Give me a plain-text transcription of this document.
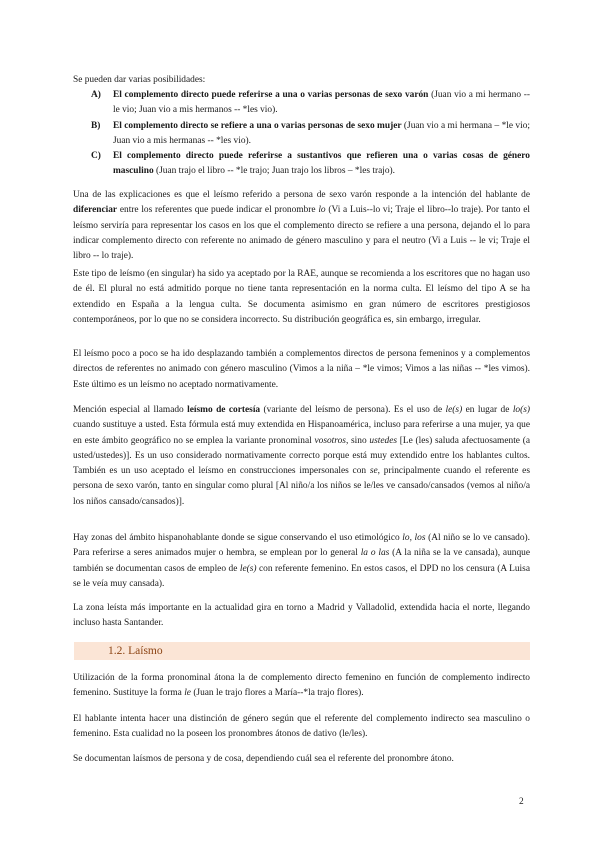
Se pueden dar varias posibilidades:

A) El complemento directo puede referirse a una o varias personas de sexo varón (Juan vio a mi hermano -- le vio; Juan vio a mis hermanos -- *les vio).
B) El complemento directo se refiere a una o varias personas de sexo mujer (Juan vio a mi hermana – *le vio; Juan vio a mis hermanas -- *les vio).
C) El complemento directo puede referirse a sustantivos que refieren una o varias cosas de género masculino (Juan trajo el libro -- *le trajo; Juan trajo los libros – *les trajo).

Una de las explicaciones es que el leísmo referido a persona de sexo varón responde a la intención del hablante de diferenciar entre los referentes que puede indicar el pronombre lo (Vi a Luis--lo vi; Traje el libro--lo traje). Por tanto el leísmo serviría para representar los casos en los que el complemento directo se refiere a una persona, dejando el lo para indicar complemento directo con referente no animado de género masculino y para el neutro (Vi a Luis -- le vi; Traje el libro -- lo traje).

Este tipo de leísmo (en singular) ha sido ya aceptado por la RAE, aunque se recomienda a los escritores que no hagan uso de él. El plural no está admitido porque no tiene tanta representación en la norma culta. El leísmo del tipo A se ha extendido en España a la lengua culta. Se documenta asimismo en gran número de escritores prestigiosos contemporáneos, por lo que no se considera incorrecto. Su distribución geográfica es, sin embargo, irregular.

El leísmo poco a poco se ha ido desplazando también a complementos directos de persona femeninos y a complementos directos de referentes no animado con género masculino (Vimos a la niña – *le vimos; Vimos a las niñas -- *les vimos). Este último es un leísmo no aceptado normativamente.

Mención especial al llamado leísmo de cortesía (variante del leísmo de persona). Es el uso de le(s) en lugar de lo(s) cuando sustituye a usted. Esta fórmula está muy extendida en Hispanoamérica, incluso para referirse a una mujer, ya que en este ámbito geográfico no se emplea la variante pronominal vosotros, sino ustedes [Le (les) saluda afectuosamente (a usted/ustedes)]. Es un uso considerado normativamente correcto porque está muy extendido entre los hablantes cultos. También es un uso aceptado el leísmo en construcciones impersonales con se, principalmente cuando el referente es persona de sexo varón, tanto en singular como plural [Al niño/a los niños se le/les ve cansado/cansados (vemos al niño/a los niños cansado/cansados)].

Hay zonas del ámbito hispanohablante donde se sigue conservando el uso etimológico lo, los (Al niño se lo ve cansado). Para referirse a seres animados mujer o hembra, se emplean por lo general la o las (A la niña se la ve cansada), aunque también se documentan casos de empleo de le(s) con referente femenino. En estos casos, el DPD no los censura (A Luisa se le veía muy cansada).

La zona leísta más importante en la actualidad gira en torno a Madrid y Valladolid, extendida hacia el norte, llegando incluso hasta Santander.

1.2. Laísmo

Utilización de la forma pronominal átona la de complemento directo femenino en función de complemento indirecto femenino. Sustituye la forma le (Juan le trajo flores a María--*la trajo flores).

El hablante intenta hacer una distinción de género según que el referente del complemento indirecto sea masculino o femenino. Esta cualidad no la poseen los pronombres átonos de dativo (le/les).

Se documentan laísmos de persona y de cosa, dependiendo cuál sea el referente del pronombre átono.

2
